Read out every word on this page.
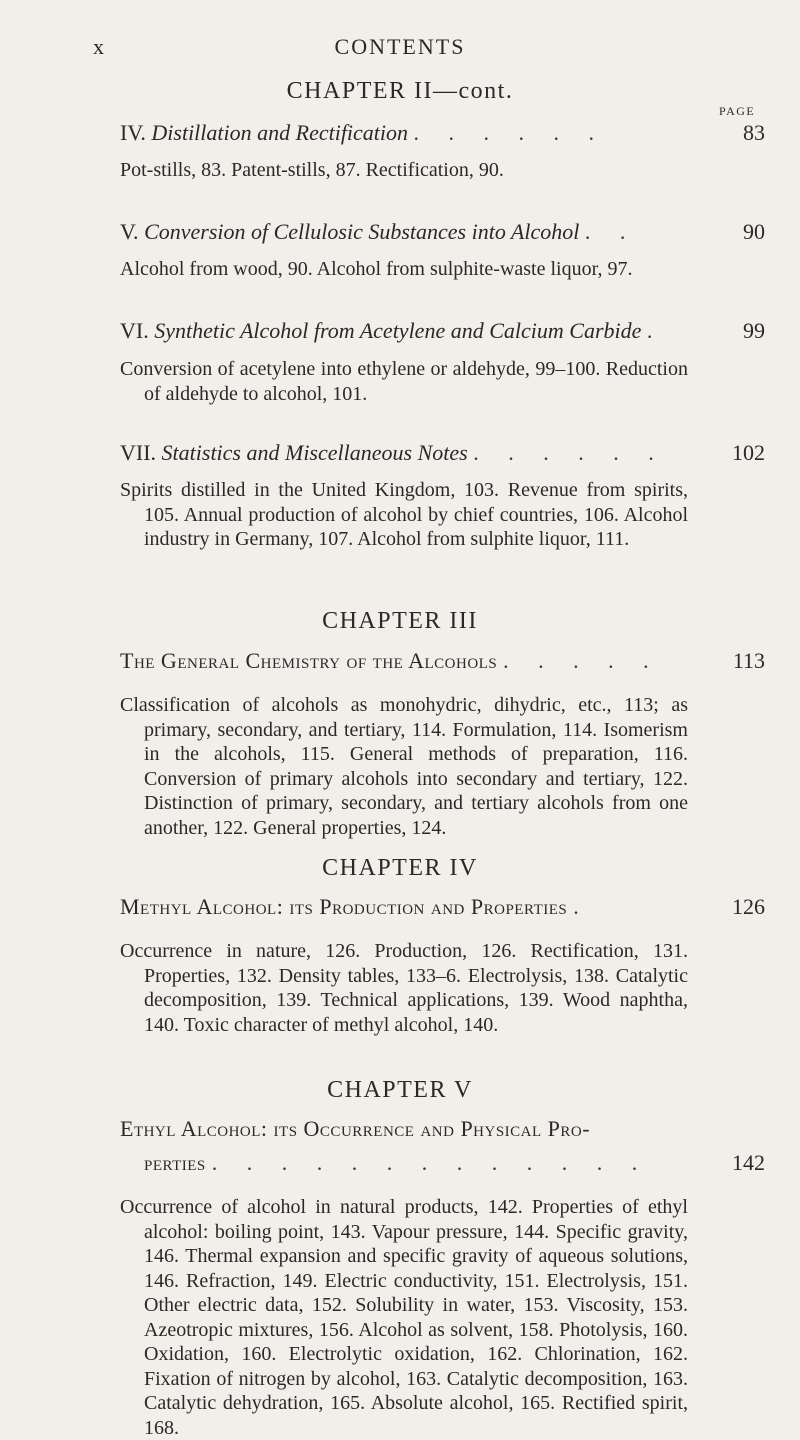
x	CONTENTS
CHAPTER II—cont.
PAGE
IV. Distillation and Rectification . . . . . .	83

Pot-stills, 83. Patent-stills, 87. Rectification, 90.

V. Conversion of Cellulosic Substances into Alcohol . .	90

Alcohol from wood, 90. Alcohol from sulphite-waste liquor, 97.

VI. Synthetic Alcohol from Acetylene and Calcium Carbide .	99

Conversion of acetylene into ethylene or aldehyde, 99–100. Reduction of aldehyde to alcohol, 101.

VII. Statistics and Miscellaneous Notes . . . . . .	102

Spirits distilled in the United Kingdom, 103. Revenue from spirits, 105. Annual production of alcohol by chief countries, 106. Alcohol industry in Germany, 107. Alcohol from sulphite liquor, 111.

CHAPTER III
The General Chemistry of the Alcohols . . . . .	113

Classification of alcohols as monohydric, dihydric, etc., 113; as primary, secondary, and tertiary, 114. Formulation, 114. Isomerism in the alcohols, 115. General methods of preparation, 116. Conversion of primary alcohols into secondary and tertiary, 122. Distinction of primary, secondary, and tertiary alcohols from one another, 122. General properties, 124.

CHAPTER IV
Methyl Alcohol: its Production and Properties .	126

Occurrence in nature, 126. Production, 126. Rectification, 131. Properties, 132. Density tables, 133–6. Electrolysis, 138. Catalytic decomposition, 139. Technical applications, 139. Wood naphtha, 140. Toxic character of methyl alcohol, 140.

CHAPTER V
Ethyl Alcohol: its Occurrence and Physical Pro-
perties . . . . . . . . . . . . .	142

Occurrence of alcohol in natural products, 142. Properties of ethyl alcohol: boiling point, 143. Vapour pressure, 144. Specific gravity, 146. Thermal expansion and specific gravity of aqueous solutions, 146. Refraction, 149. Electric conductivity, 151. Electrolysis, 151. Other electric data, 152. Solubility in water, 153. Viscosity, 153. Azeotropic mixtures, 156. Alcohol as solvent, 158. Photolysis, 160. Oxidation, 160. Electrolytic oxidation, 162. Chlorination, 162. Fixation of nitrogen by alcohol, 163. Catalytic decomposition, 163. Catalytic dehydration, 165. Absolute alcohol, 165. Rectified spirit, 168.
